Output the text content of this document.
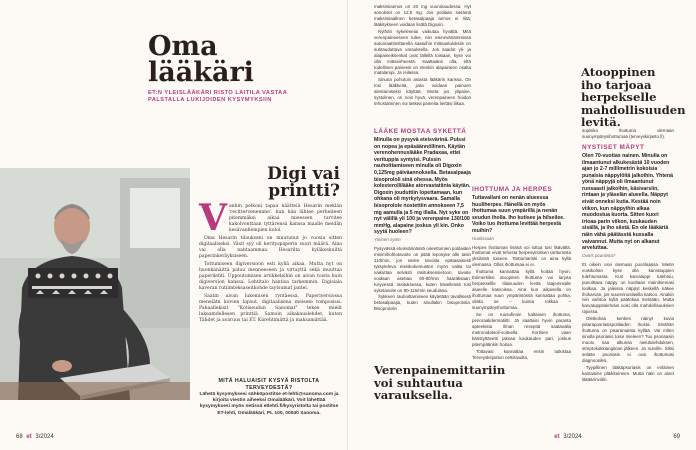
Oma lääkäri
ET:N YLEISLÄÄKÄRI RISTO LAITILA VASTAA PALSTALLA LUKIJOIDEN KYSYMYKSIIN
Digi vai printti?

Vanhin pelkoni tapaa käätteiä Hesarin meklän 'recittervenemme'. kun hän lähtee perheiteen pitemmäksi aikaa mieessen tarvitee kakolvonttaan tyttärensä kanssa maalle meidän kesävanhempien kolol.

Oma Hesarin tilaukseni on muutunut jo vuosia sitten digitaaliseksi. Väsit syy oli kerityspaperin suuri määrä. Aina vai olla nahtaammaa Hesarilta kyläkeskuiltä paperinkeräyksiseen.

Tottumiseen digiversioon esti kyllä aikaa. Mutta nyt on huonkanäittä paluu menneeseen ja virtayttä sekä muuttaa paperilehti. Uppoutumisen artikkeleihin on aivan toista kuin digiversion kanssa. Lehtitalo hantisa tarkemmin. Digisiala kaveran rutiimteksaseitkohde taytsumat jantei.

Saatin aivan lukemisen ryntäessä. Paperiversiossa meneiätn kuvien lapsut, digitaalisena meiseni tomposissi. Pahaallekisit "Kotiseudun Sanomat" tekee mielit lukeamdellesen printtiä. Samoin aikakauslehdet, kuten Tähdet ja avaruus tai ET. Kiirehtimättä ja maksamättää.

MITÄ HALUAISIT KYSYÄ RISTOLTA TERVEYDESTÄ?
Lähetä kysymyksesi sähköpostitse et-lehti@sanoma.com ja kirjoita viestin aiheeksi Omalääkäri. Voit lähettää kysymyksesi myös netissä etlehti.fi/kysyristolta tai postitse ET-lehti, Omalääkäri, PL 100, 00040 Sanoma.
68 et 3/2024

maksimiannos on 20 mg vuorokaudessa. Hyt annokset on 12,5 mg. Jos potilaan sietämä maksimiaallnen betasalpaaja annos ei riitä, lääkitykseen voidaan lisätä Digoxin.

Nythän sykeleseiai vaikutaa hyvältä. Mitä verenpaineeseen tulee, niin etenevänämmissä automaattimittarella saatuihin mittaustuloksiin on suhtauduttava varauksella. Jos saadot yli- ja alapaineiksenkat ovat tällellä toisiaan, kyse voi olla mittavirheestä. Saattaakin olla, että todellinen paineesi on etenkin alapaineen osalta matalampi. Ja reilassa.

Sinuna pohutoin asiasta lääkärin kanssa. On tosi lääkkeitä, joita voidaan painoen alentamiseksi käyttää. Mutta jos ylipaine, systolinen, on noin hyvä, verenpaineen hoidon tehostaminen voi laskea paineita liertäsi liikaa.

LÄÄKE MOSTAA SYKETTÄ

Minulla on pysyvä eteisvärinä. Pulssi on nopea ja epäsäännöllinen. Käytän verenohennuslääke Pradaxaa, ettei verituppia syntyisi. Pulssin rauhoittamiseen minulla oli Digoxin 0,125mg päiväannoksella. Betasalpaaja bisoprololi sinä ohessa. Myös kolesterollilääke atorvastatiinia käytän. Digoxin jouduttiin lopettamaan, kun ohkana oli myrkytysvaara. Samalla bisoprolole nostettiin annokseen 7,5 mg aamulla ja 5 mg illalla. Nyt syke on nyt välillä yli 100 ja verenpaine 130/100 mmHg, alapaine joskus yli kin. Onko syytä huoleen?

Ylirinen syöm

Pysyvässä eteisvärinässä oireettomien potilaiden minimihohtotavoite on pitää leposyke alle tasin 110/min, jos sielen tavoitta epätasaisesti tyksyteleva eteiskokemusten myön valtia toi vaikuttaa selvästi rasituksensietoon, tavoite voidaan asettaa 60-80/min haaraksaan. Keyvessä rasituksessa, kuten kävellessä tosi syketavoite on 90-115/min seuduissa.

Sykkeen rauhoittamiseen käytetään tavallisesti betasalpaajia, kuten sinullakin bisoprololia. Bisoprololin

Verenpainemittariin voi suhtautua varauksella.

IHOTTUMA JA HERPES

Tuttavallani on nenän alueessa huuliherpes. Hänellä on myös ihottumaa suun ympärillä ja nenän seudun iholla. Iho kutisee ja hilseilee. Voiko tuo ihottuma levittää herpestä muihin?

Huolissaan

Herpes ihottuman lisänä voi luttua tosi lisävältä. Ihottumat eivät tehosta herpesviruksen tarttumista yksilöstä toiseen. Tarttumariski on aina kyllä olemassa. Ollos ihottumaa ei ei.

Ihottuma kannattaa kyllä hoitaa hyvin. Esimerkiksi atoopinen ihottuma voi tarjota herpeksellle tilaisuuden levitä laajemmalle alueelle kasvoissa. Aina kun aikuisella on ihottumaa suun ympäristössä kannattaa pohtia, olisko se – kuinta rokkaa – suunympäryshottumaa.

Se on ruusufinnin kaltainen ihottuma, perioraalidermatiitti. Jä saattaisi hyvin paranta apteekista ilman reseptiä saatavalla metronidatsoli-voiteella. Kortisen vaan käristyttävetti jaksaa kuukauden pari, joskus pitempäänkin hoitoa.

Tottavasi kannattaa ensin tutkistaa Terveyskirjaston nettisivuilta,

Atooppinen iho tarjoaa herpekselle mahdollisuuden levitä.

sopisiko ihottuma olemaan suunympärysihottumaa (terveyskirjasto.fi).

NYSTISET MÄPYT

Olen 70-vuotias nainen. Minulla on ilmaantunut alkukesästä 10 vuoden ajan jo 2-7 millimetrin kokoisia punaisia näppylöitä jalkoihin. Yhtenä yönä näppyjä oli ilmaantunut runsaasti jalkoihin, käsivarsiin, rintaan ja yläselän alueella. Näppyt eivät onneksi kutia. Kestää noin viikon, kun näppyihin alkaa muodostua kuorta. Sitten kuori irtoaa parin viikon, kuukauden sisällä, ja iho siistä. En ole lääkäriä näin vähä päätässtä kussalla vaivannut. Mutta nyt on alkanut arveluttaa.

Ounis pouniima?

Et oikein osvi olemaan poorilaassa. Mietin voisikohan kyse olla karvatuppien tulehtumasta. Kun karvatuppi tulehtuu, punoittava näppy on kooltaan mainitsemasi loolkaa. Ja jaleissa näppyt keskellä näkee ihokarvan, jos suurennuslasilla katsoo. Ainakin niin vaihtoa kyllä päätökaa metsään. Mutta karvatuppitulehdus voisi olla mahdollisuuksien rajoissa.

Oletkohan kenties näinyt kuvia pisaraposriasispotilaiden ihosta. Sinähän ihottuma on pisaramaista kyllää. Vai miten sinulla psoriasis toise mieleen? Tuo psoriaasin muoto saa alkunsa nielutulehduksen, streptokokkiangiinan jälkeen. Ja nurville. Siksi selään psoriasis ei ovoi ihottumasi diagnoosiksi.

Tyypillinen lääkäpsoriasis on enläinen kantaisine pläikkeineen. Mutta näin on ainet läkäärinviitin.

et 3/2024	69
